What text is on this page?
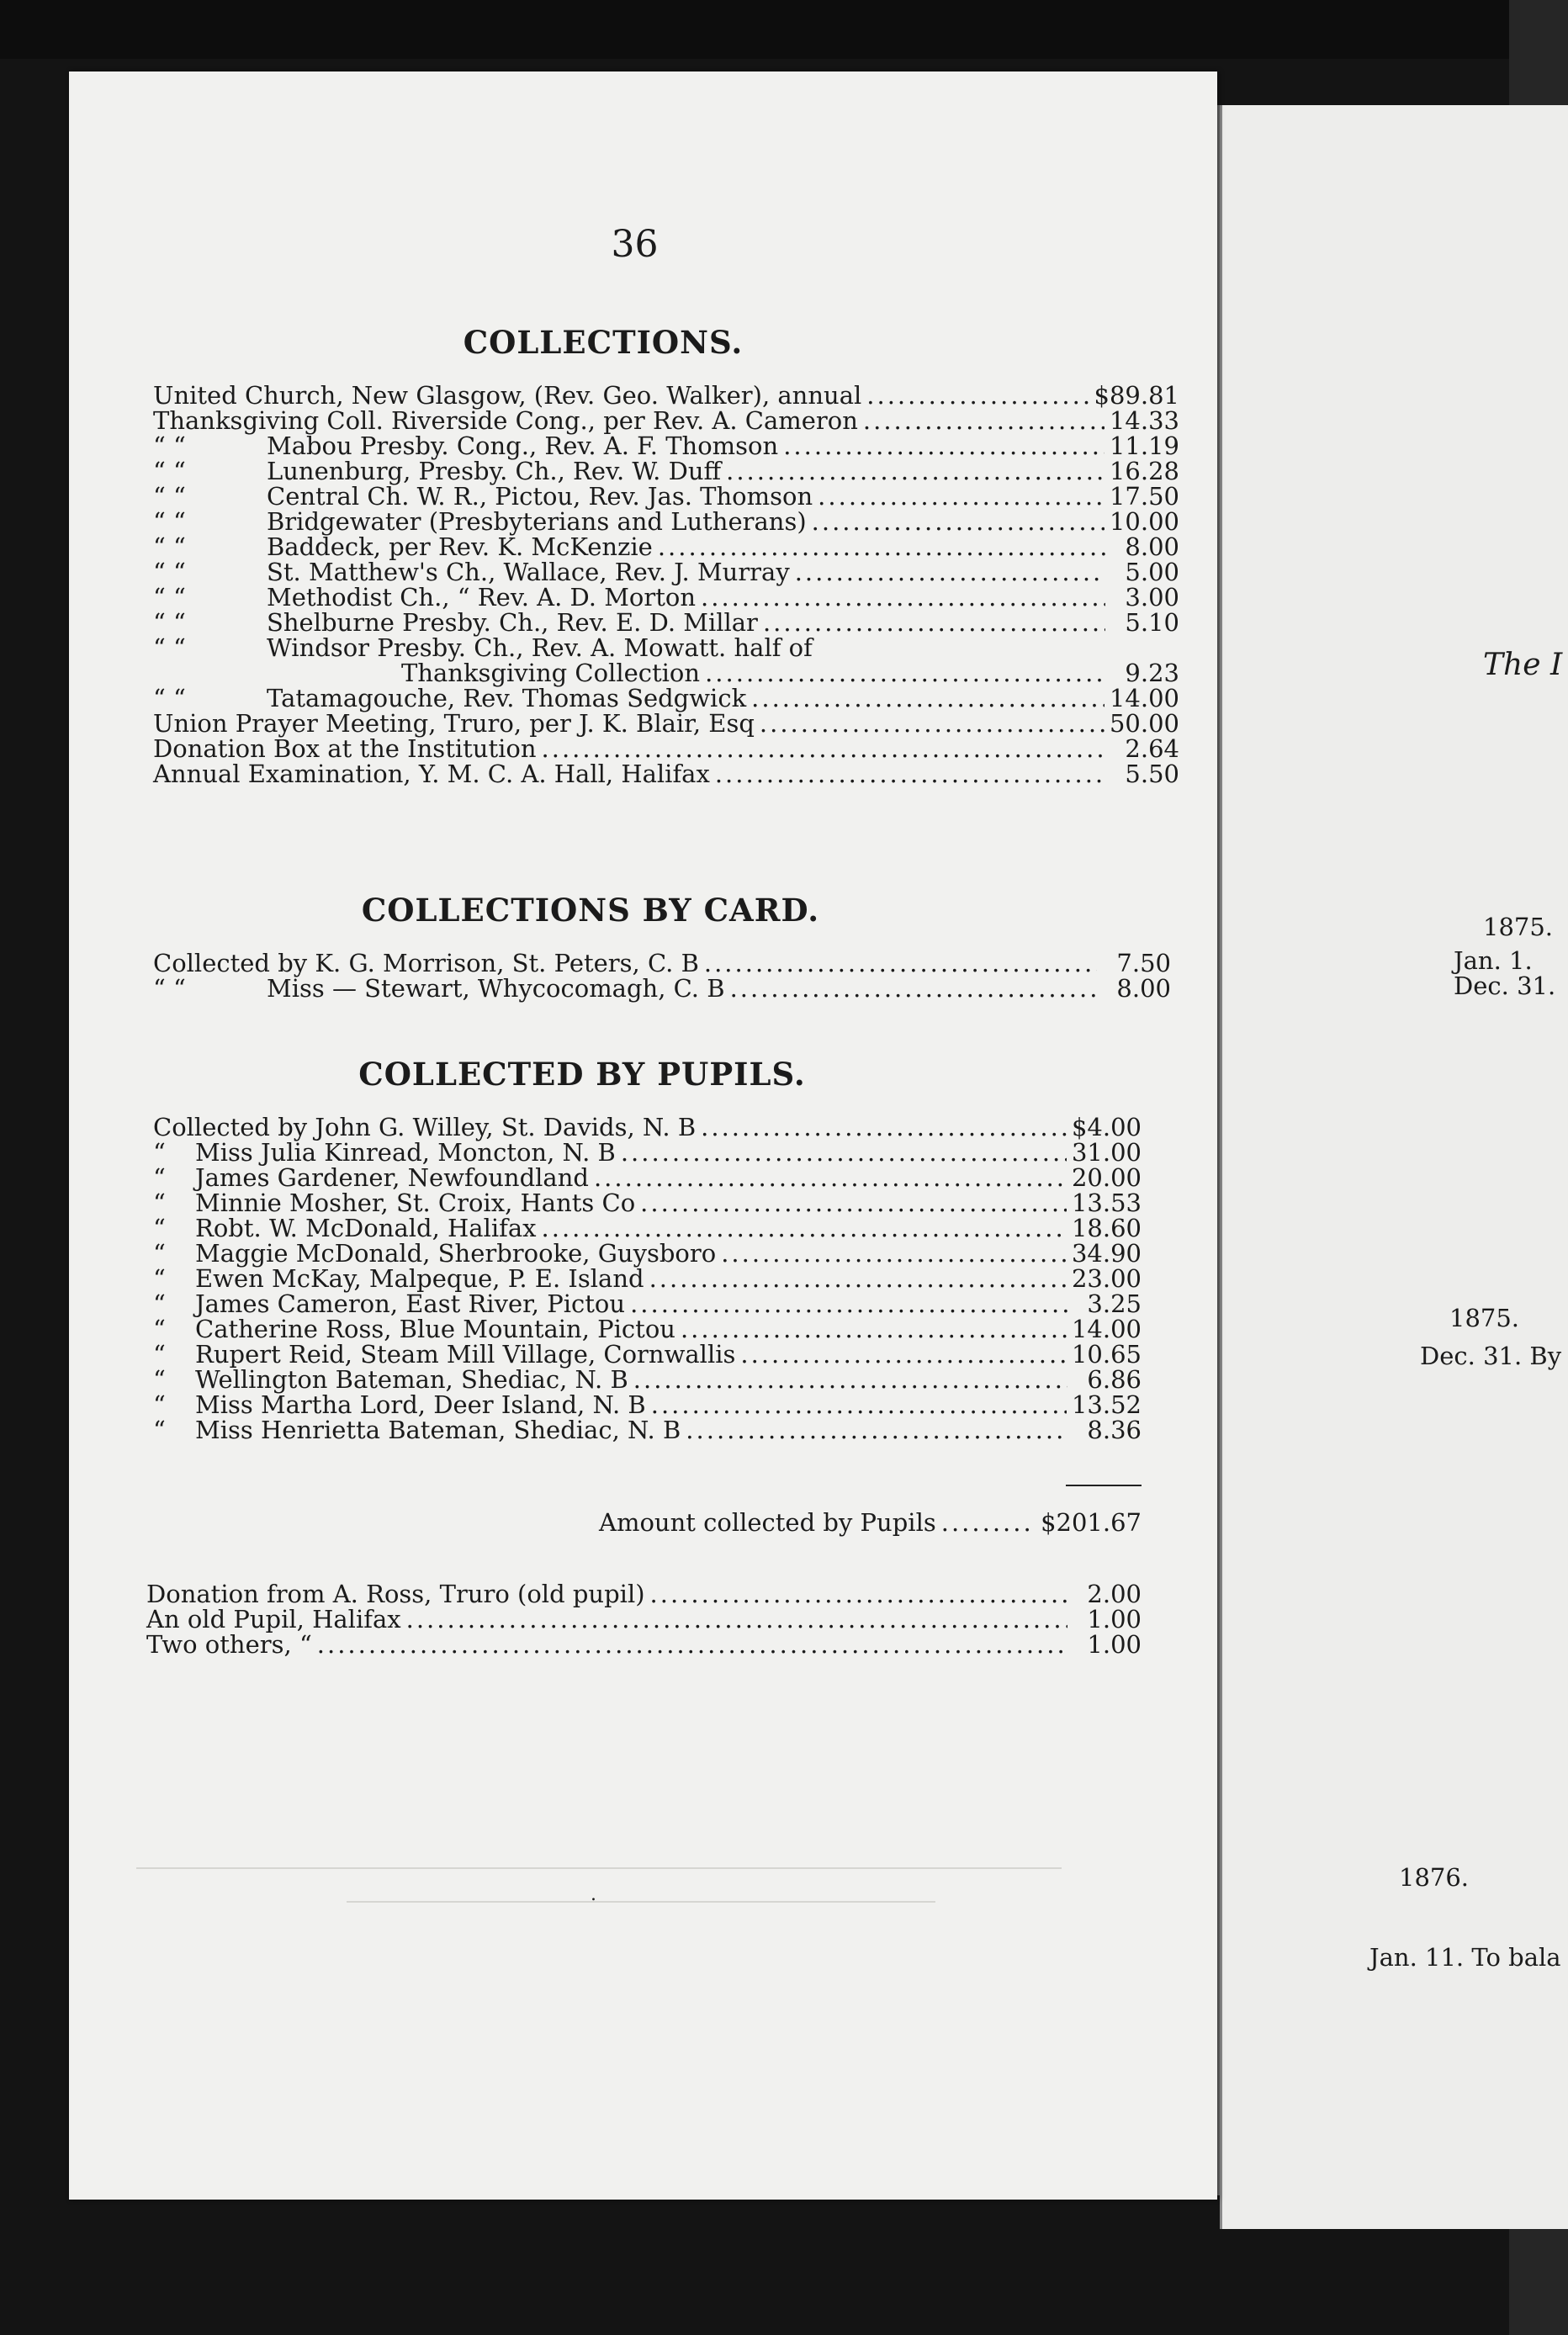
The I
1875.
Jan. 1.
Dec. 31.
1875.
Dec. 31. By
1876.
Jan. 11. To bala
36
COLLECTIONS.
United Church, New Glasgow, (Rev. Geo. Walker), annual .....	$89.81
Thanksgiving Coll. Riverside Cong., per Rev. A. Cameron .....	14.33
“ “	Mabou Presby. Cong., Rev. A. F. Thomson .....	11.19
“ “	Lunenburg, Presby. Ch., Rev. W. Duff .....	16.28
“ “	Central Ch. W. R., Pictou, Rev. Jas. Thomson .....	17.50
“ “	Bridgewater (Presbyterians and Lutherans) .....	10.00
“ “	Baddeck, per Rev. K. McKenzie .....	8.00
“ “	St. Matthew's Ch., Wallace, Rev. J. Murray .....	5.00
“ “	Methodist Ch., “ Rev. A. D. Morton .....	3.00
“ “	Shelburne Presby. Ch., Rev. E. D. Millar .....	5.10
“ “	Windsor Presby. Ch., Rev. A. Mowatt. half of
Thanksgiving Collection .....	9.23
“ “	Tatamagouche, Rev. Thomas Sedgwick .....	14.00
Union Prayer Meeting, Truro, per J. K. Blair, Esq .....	50.00
Donation Box at the Institution .....	2.64
Annual Examination, Y. M. C. A. Hall, Halifax .....	5.50
COLLECTIONS BY CARD.
Collected by K. G. Morrison, St. Peters, C. B .....	7.50
“ “	Miss — Stewart, Whycocomagh, C. B .....	8.00
COLLECTED BY PUPILS.
Collected by John G. Willey, St. Davids, N. B .....	$4.00
“	Miss Julia Kinread, Moncton, N. B .....	31.00
“	James Gardener, Newfoundland .....	20.00
“	Minnie Mosher, St. Croix, Hants Co .....	13.53
“	Robt. W. McDonald, Halifax .....	18.60
“	Maggie McDonald, Sherbrooke, Guysboro .....	34.90
“	Ewen McKay, Malpeque, P. E. Island .....	23.00
“	James Cameron, East River, Pictou .....	3.25
“	Catherine Ross, Blue Mountain, Pictou .....	14.00
“	Rupert Reid, Steam Mill Village, Cornwallis .....	10.65
“	Wellington Bateman, Shediac, N. B .....	6.86
“	Miss Martha Lord, Deer Island, N. B .....	13.52
“	Miss Henrietta Bateman, Shediac, N. B .....	8.36
Amount collected by Pupils .....	$201.67
Donation from A. Ross, Truro (old pupil) .....	2.00
An old Pupil, Halifax .....	1.00
Two others, “ .....	1.00
.
